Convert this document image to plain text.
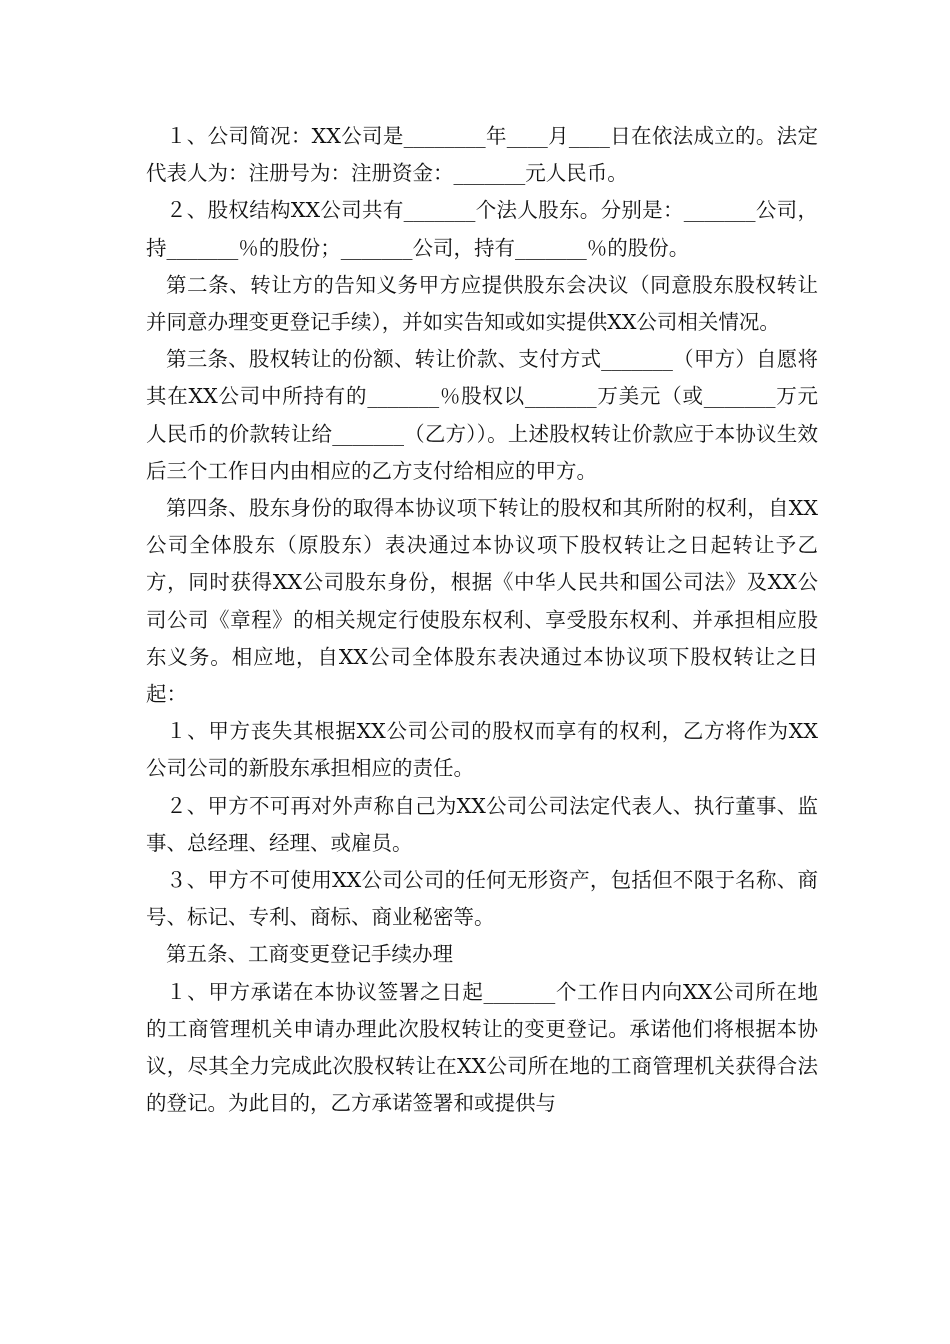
１、公司简况：XX公司是________年____月____日在依法成立的。法定代表人为：注册号为：注册资金：_______元人民币。

２、股权结构XX公司共有_______个法人股东。分别是：_______公司，持_______％的股份；_______公司，持有_______％的股份。

第二条、转让方的告知义务甲方应提供股东会决议（同意股东股权转让并同意办理变更登记手续），并如实告知或如实提供XX公司相关情况。

第三条、股权转让的份额、转让价款、支付方式_______（甲方）自愿将其在XX公司中所持有的_______％股权以_______万美元（或_______万元人民币的价款转让给_______（乙方））。上述股权转让价款应于本协议生效后三个工作日内由相应的乙方支付给相应的甲方。

第四条、股东身份的取得本协议项下转让的股权和其所附的权利，自XX公司全体股东（原股东）表决通过本协议项下股权转让之日起转让予乙方，同时获得XX公司股东身份，根据《中华人民共和国公司法》及XX公司公司《章程》的相关规定行使股东权利、享受股东权利、并承担相应股东义务。相应地，自XX公司全体股东表决通过本协议项下股权转让之日起：

１、甲方丧失其根据XX公司公司的股权而享有的权利，乙方将作为XX公司公司的新股东承担相应的责任。

２、甲方不可再对外声称自己为XX公司公司法定代表人、执行董事、监事、总经理、经理、或雇员。

３、甲方不可使用XX公司公司的任何无形资产，包括但不限于名称、商号、标记、专利、商标、商业秘密等。

第五条、工商变更登记手续办理

１、甲方承诺在本协议签署之日起_______个工作日内向XX公司所在地的工商管理机关申请办理此次股权转让的变更登记。承诺他们将根据本协议，尽其全力完成此次股权转让在XX公司所在地的工商管理机关获得合法的登记。为此目的，乙方承诺签署和或提供与
